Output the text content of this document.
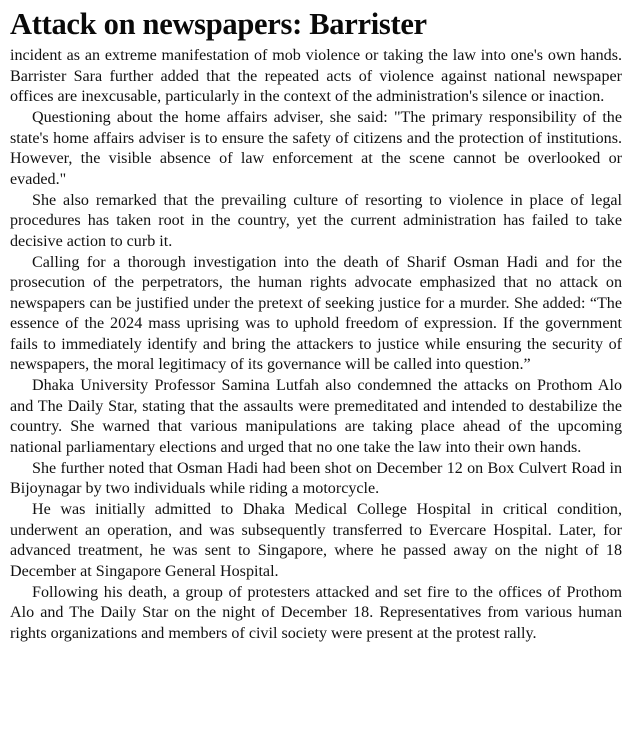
Attack on newspapers: Barrister

incident as an extreme manifestation of mob violence or taking the law into one's own hands. Barrister Sara further added that the repeated acts of violence against national newspaper offices are inexcusable, particularly in the context of the administration's silence or inaction.

Questioning about the home affairs adviser, she said: "The primary responsibility of the state's home affairs adviser is to ensure the safety of citizens and the protection of institutions. However, the visible absence of law enforcement at the scene cannot be overlooked or evaded."

She also remarked that the prevailing culture of resorting to violence in place of legal procedures has taken root in the country, yet the current administration has failed to take decisive action to curb it.

Calling for a thorough investigation into the death of Sharif Osman Hadi and for the prosecution of the perpetrators, the human rights advocate emphasized that no attack on newspapers can be justified under the pretext of seeking justice for a murder. She added: “The essence of the 2024 mass uprising was to uphold freedom of expression. If the government fails to immediately identify and bring the attackers to justice while ensuring the security of newspapers, the moral legitimacy of its governance will be called into question.”

Dhaka University Professor Samina Lutfah also condemned the attacks on Prothom Alo and The Daily Star, stating that the assaults were premeditated and intended to destabilize the country. She warned that various manipulations are taking place ahead of the upcoming national parliamentary elections and urged that no one take the law into their own hands.

She further noted that Osman Hadi had been shot on December 12 on Box Culvert Road in Bijoynagar by two individuals while riding a motorcycle.

He was initially admitted to Dhaka Medical College Hospital in critical condition, underwent an operation, and was subsequently transferred to Evercare Hospital. Later, for advanced treatment, he was sent to Singapore, where he passed away on the night of 18 December at Singapore General Hospital.

Following his death, a group of protesters attacked and set fire to the offices of Prothom Alo and The Daily Star on the night of December 18. Representatives from various human rights organizations and members of civil society were present at the protest rally.
